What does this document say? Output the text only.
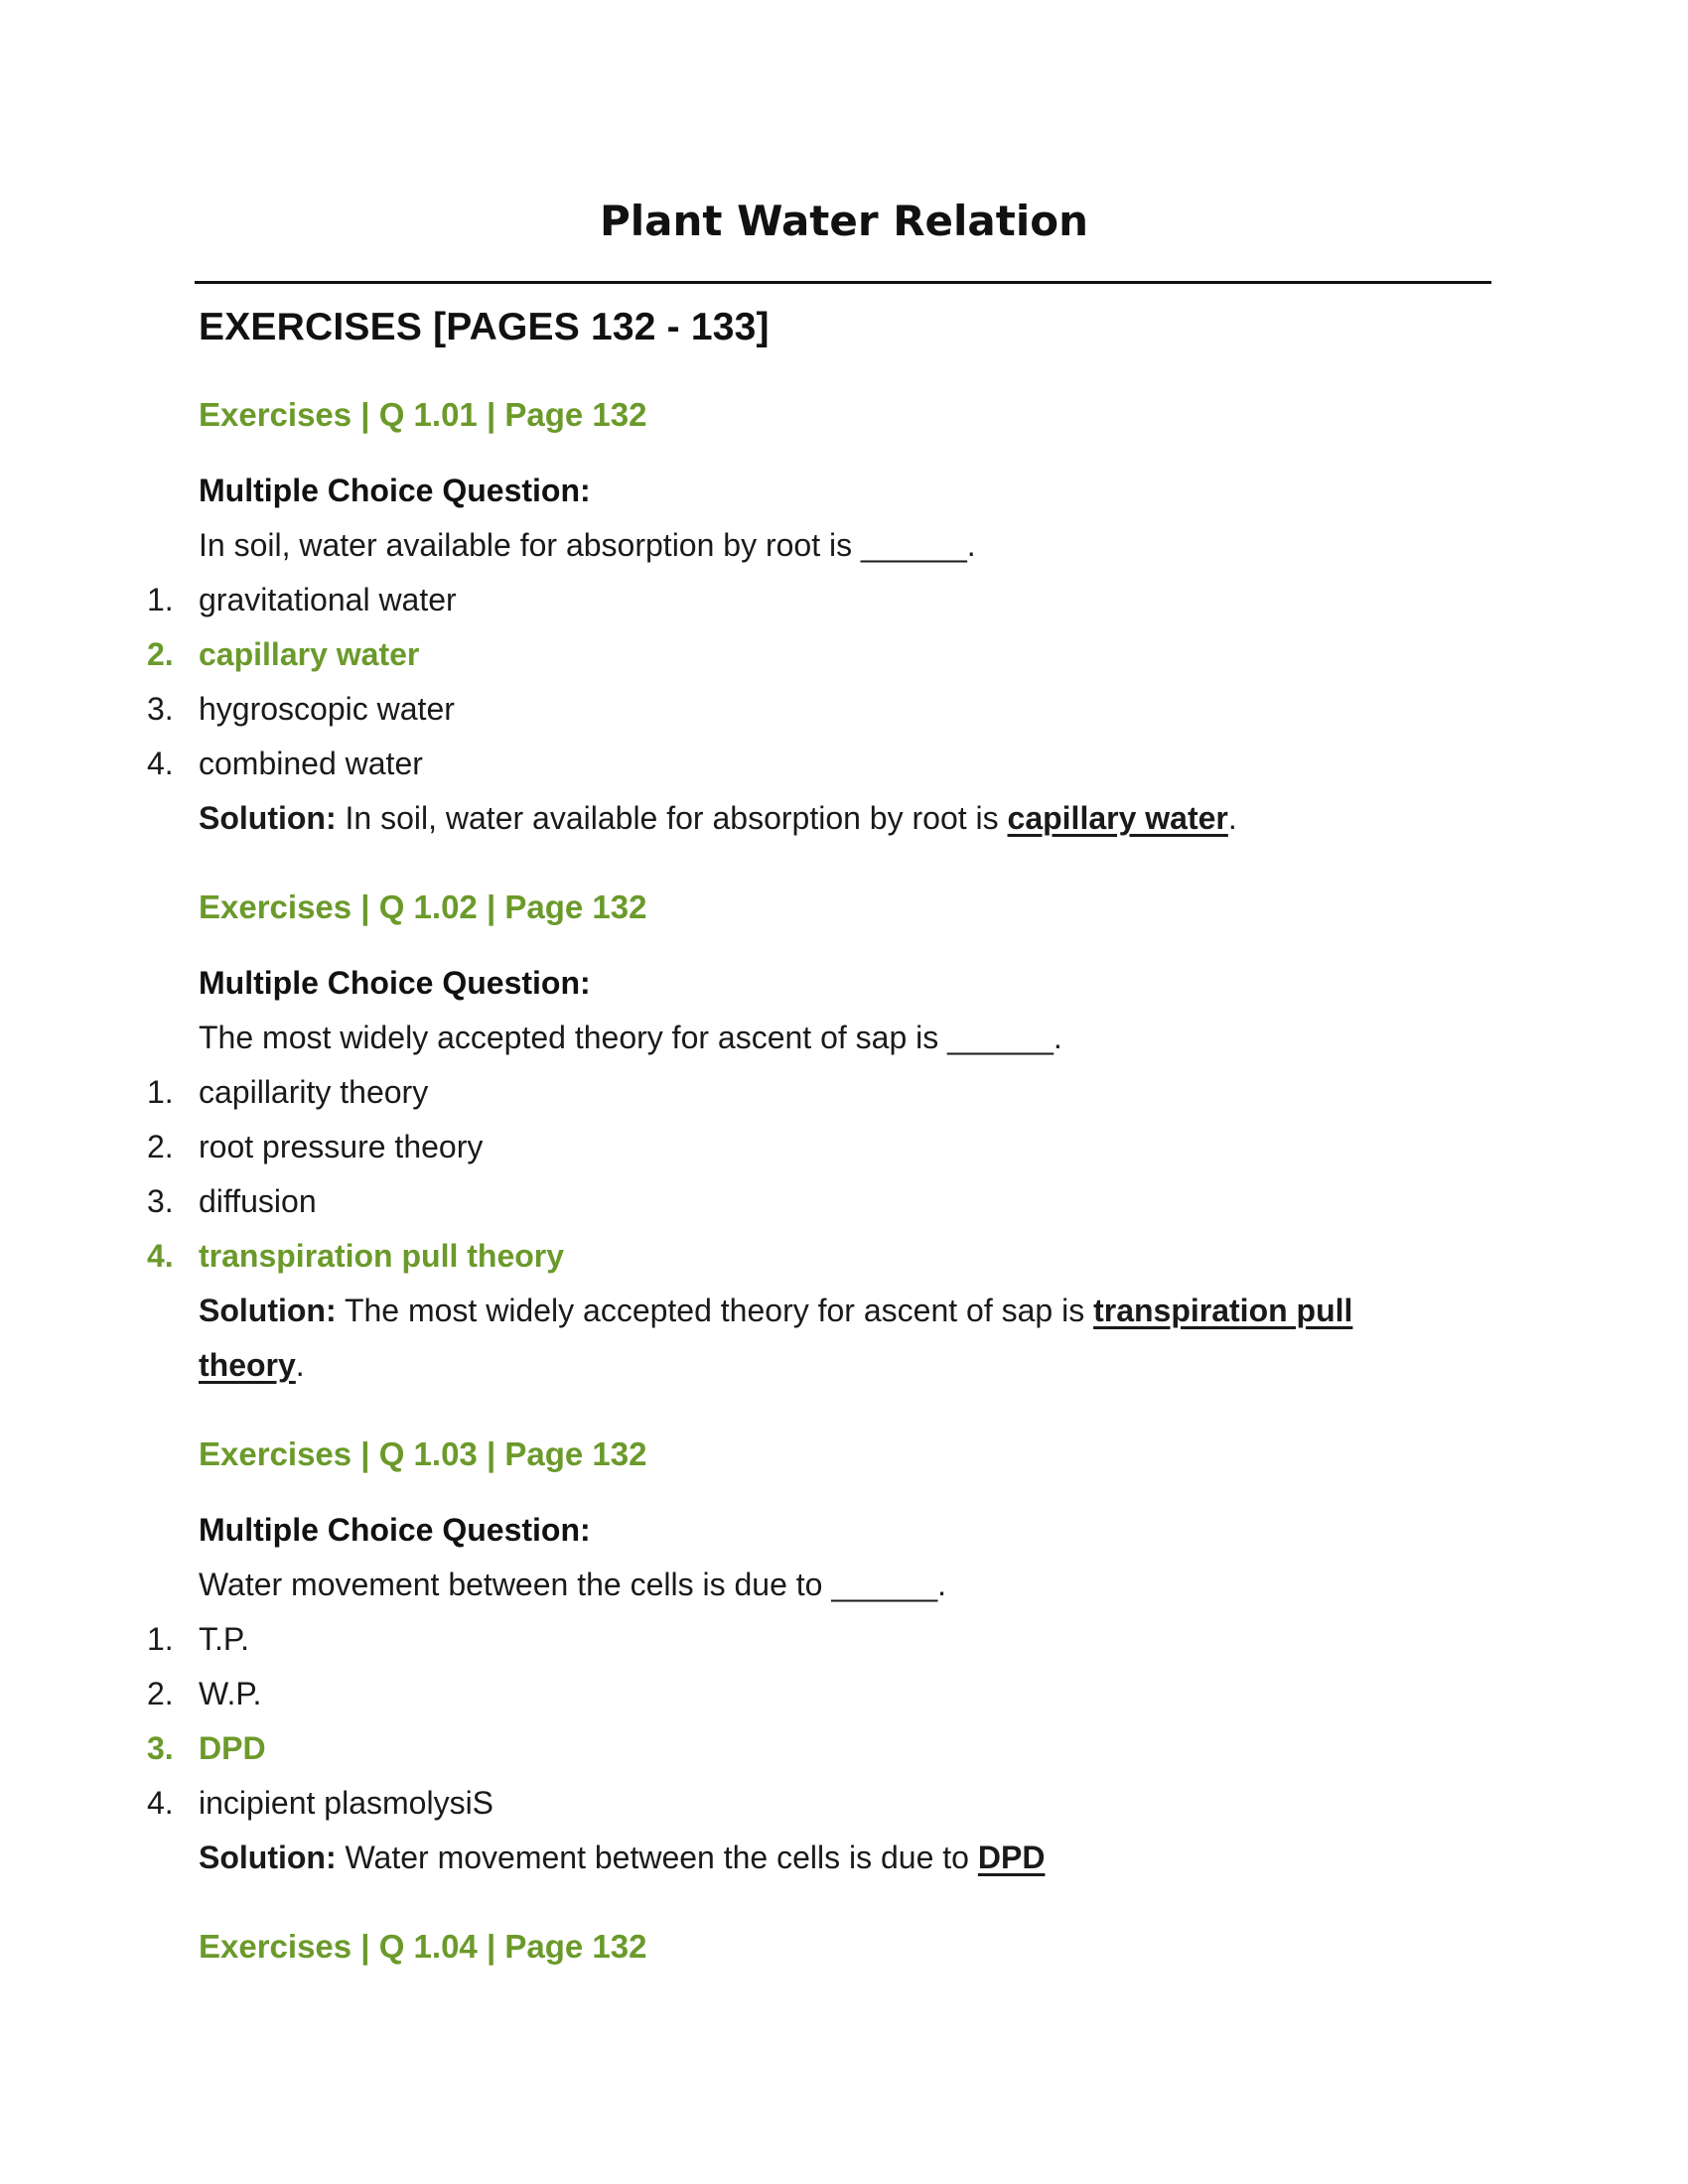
Plant Water Relation
EXERCISES [PAGES 132 - 133]
Exercises | Q 1.01 | Page 132
Multiple Choice Question:
In soil, water available for absorption by root is ______.
1. gravitational water
2. capillary water
3. hygroscopic water
4. combined water
Solution: In soil, water available for absorption by root is capillary water.
Exercises | Q 1.02 | Page 132
Multiple Choice Question:
The most widely accepted theory for ascent of sap is ______.
1. capillarity theory
2. root pressure theory
3. diffusion
4. transpiration pull theory
Solution: The most widely accepted theory for ascent of sap is transpiration pull theory.
Exercises | Q 1.03 | Page 132
Multiple Choice Question:
Water movement between the cells is due to ______.
1. T.P.
2. W.P.
3. DPD
4. incipient plasmolysiS
Solution: Water movement between the cells is due to DPD
Exercises | Q 1.04 | Page 132
